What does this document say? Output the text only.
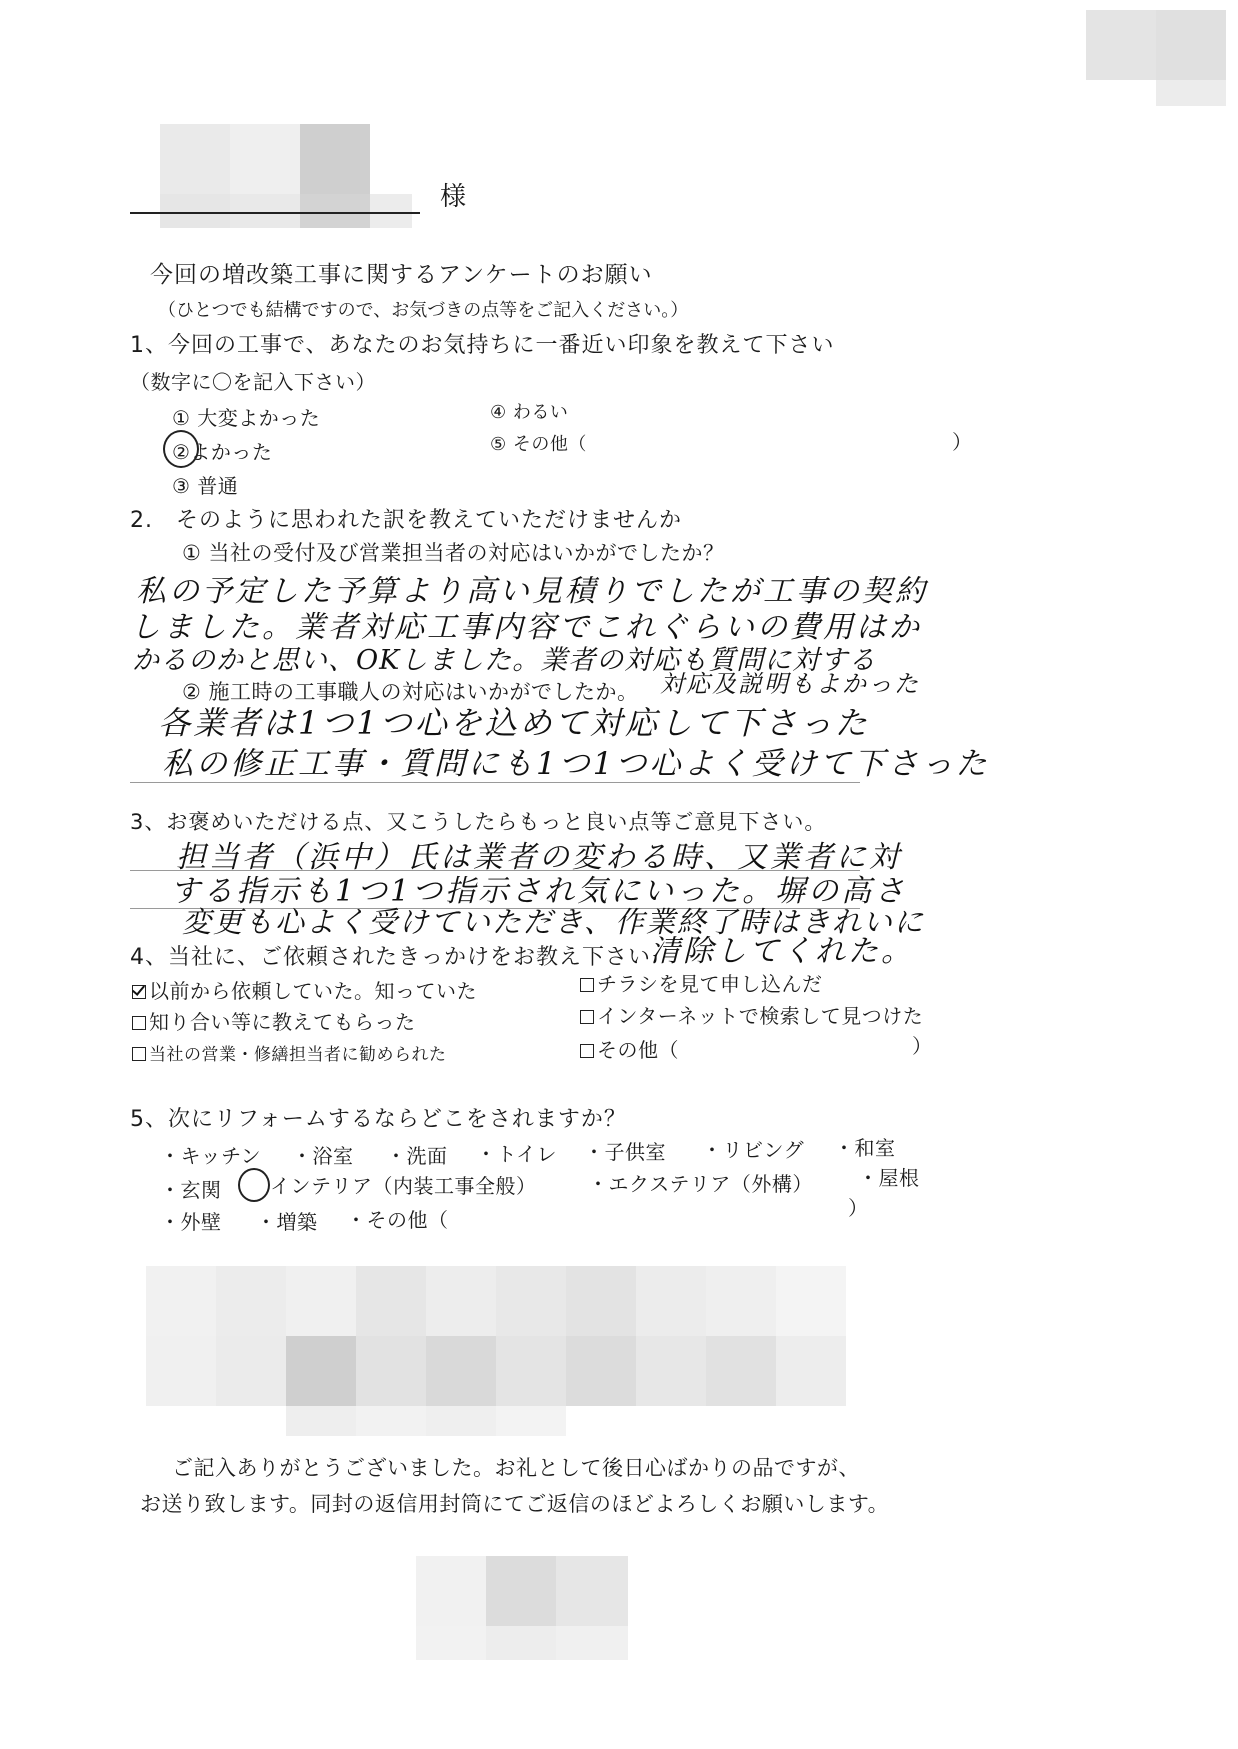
様
今回の増改築工事に関するアンケートのお願い
（ひとつでも結構ですので、お気づきの点等をご記入ください。）
1、今回の工事で、あなたのお気持ちに一番近い印象を教えて下さい
（数字に〇を記入下さい）
① 大変よかった
②よかった
③ 普通
④ わるい
⑤ その他（	）
2.　そのように思われた訳を教えていただけませんか
① 当社の受付及び営業担当者の対応はいかがでしたか？
私の予定した予算より高い見積りでしたが工事の契約
しました。業者対応工事内容でこれぐらいの費用はか
かるのかと思い、OKしました。業者の対応も質問に対する
② 施工時の工事職人の対応はいかがでしたか。 対応及説明もよかった
各業者は1つ1つ心を込めて対応して下さった
私の修正工事・質問にも1つ1つ心よく受けて下さった
3、お褒めいただける点、又こうしたらもっと良い点等ご意見下さい。
担当者（浜中）氏は業者の変わる時、又業者に対
する指示も1つ1つ指示され気にいった。塀の高さ
変更も心よく受けていただき、作業終了時はきれいに
4、当社に、ご依頼されたきっかけをお教え下さい 清除してくれた。
以前から依頼していた。知っていた
知り合い等に教えてもらった
当社の営業・修繕担当者に勧められた
チラシを見て申し込んだ
インターネットで検索して見つけた
その他（	）
5、次にリフォームするならどこをされますか？
・キッチン ・浴室 ・洗面 ・トイレ ・子供室 ・リビング ・和室
・玄関 インテリア（内装工事全般）	・エクステリア（外構） ・屋根
・外壁 ・増築 ・その他（	）
ご記入ありがとうございました。お礼として後日心ばかりの品ですが、
お送り致します。同封の返信用封筒にてご返信のほどよろしくお願いします。
